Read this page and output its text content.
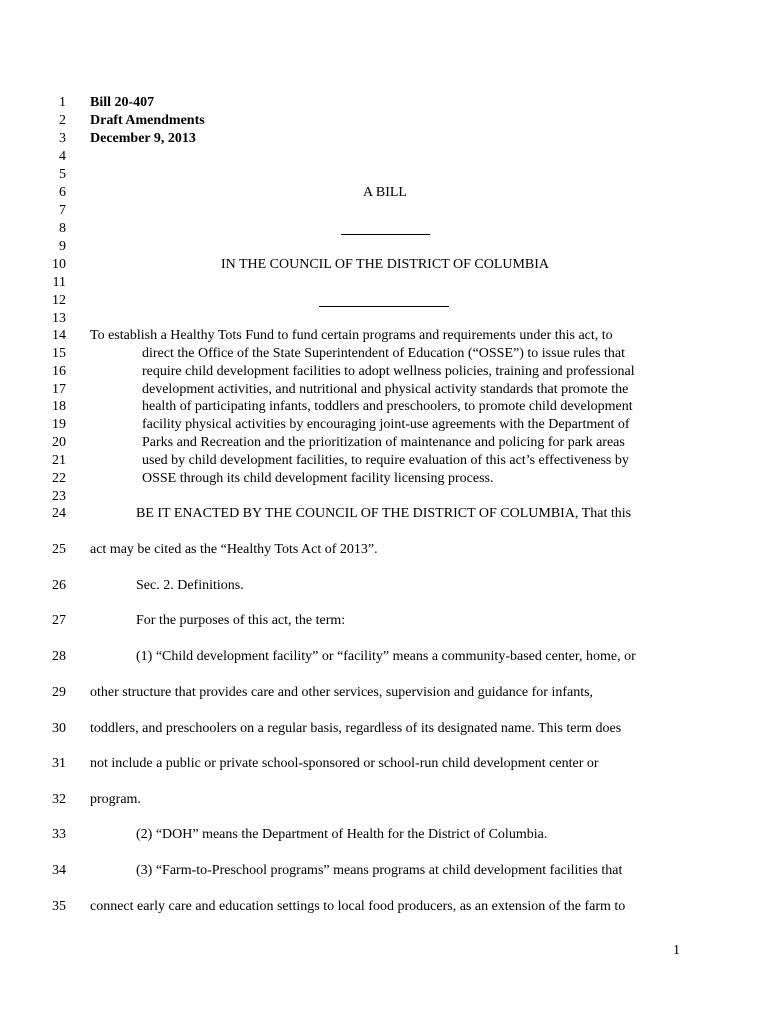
1 Bill 20-407
2 Draft Amendments
3 December 9, 2013
4
5
6	A BILL
7
8
9
10	IN THE COUNCIL OF THE DISTRICT OF COLUMBIA
11
12
13
14 To establish a Healthy Tots Fund to fund certain programs and requirements under this act, to
15	direct the Office of the State Superintendent of Education (“OSSE”) to issue rules that
16	require child development facilities to adopt wellness policies, training and professional
17	development activities, and nutritional and physical activity standards that promote the
18	health of participating infants, toddlers and preschoolers, to promote child development
19	facility physical activities by encouraging joint-use agreements with the Department of
20	Parks and Recreation and the prioritization of maintenance and policing for park areas
21	used by child development facilities, to require evaluation of this act’s effectiveness by
22	OSSE through its child development facility licensing process.
23
24	BE IT ENACTED BY THE COUNCIL OF THE DISTRICT OF COLUMBIA, That this
25 act may be cited as the “Healthy Tots Act of 2013”.
26	Sec. 2. Definitions.
27	For the purposes of this act, the term:
28	(1) “Child development facility” or “facility” means a community-based center, home, or
29 other structure that provides care and other services, supervision and guidance for infants,
30 toddlers, and preschoolers on a regular basis, regardless of its designated name. This term does
31 not include a public or private school-sponsored or school-run child development center or
32 program.
33	(2) “DOH” means the Department of Health for the District of Columbia.
34	(3) “Farm-to-Preschool programs” means programs at child development facilities that
35 connect early care and education settings to local food producers, as an extension of the farm to
1
